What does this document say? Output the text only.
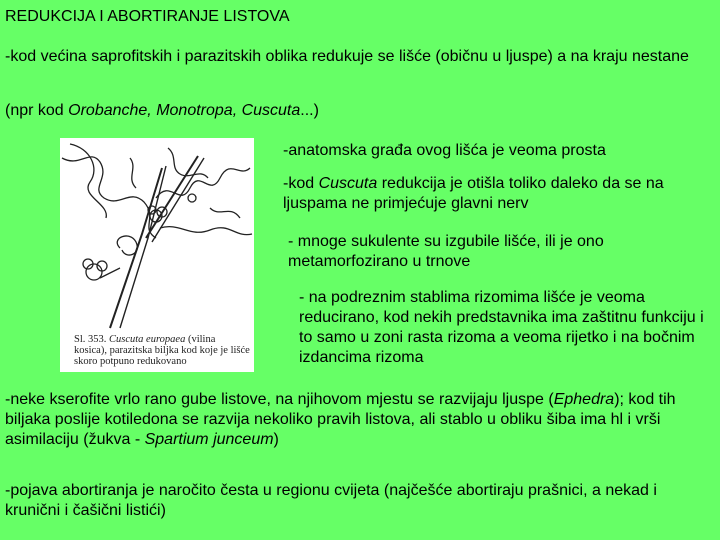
REDUKCIJA I ABORTIRANJE LISTOVA

-kod većina saprofitskih i parazitskih oblika redukuje se lišće (običnu u ljuspe) a na kraju nestane

(npr kod Orobanche, Monotropa, Cuscuta...)

Sl. 353. Cuscuta europaea (vilina kosica), parazitska biljka kod koje je lišće skoro potpuno redukovano

-anatomska građa ovog lišća je veoma prosta

-kod Cuscuta redukcija je otišla toliko daleko da se na ljuspama ne primjećuje glavni nerv

- mnoge sukulente su izgubile lišće, ili je ono metamorfozirano u trnove

- na podreznim stablima rizomima lišće je veoma reducirano, kod nekih predstavnika ima zaštitnu funkciju i to samo u zoni rasta rizoma a veoma rijetko i na bočnim izdancima rizoma

-neke kserofite vrlo rano gube listove, na njihovom mjestu se razvijaju ljuspe (Ephedra); kod tih biljaka poslije kotiledona se razvija nekoliko pravih listova, ali stablo u obliku šiba ima hl i vrši asimilaciju (žukva - Spartium junceum)

-pojava abortiranja je naročito česta u regionu cvijeta (najčešće abortiraju prašnici, a nekad i krunični i čašični listići)
